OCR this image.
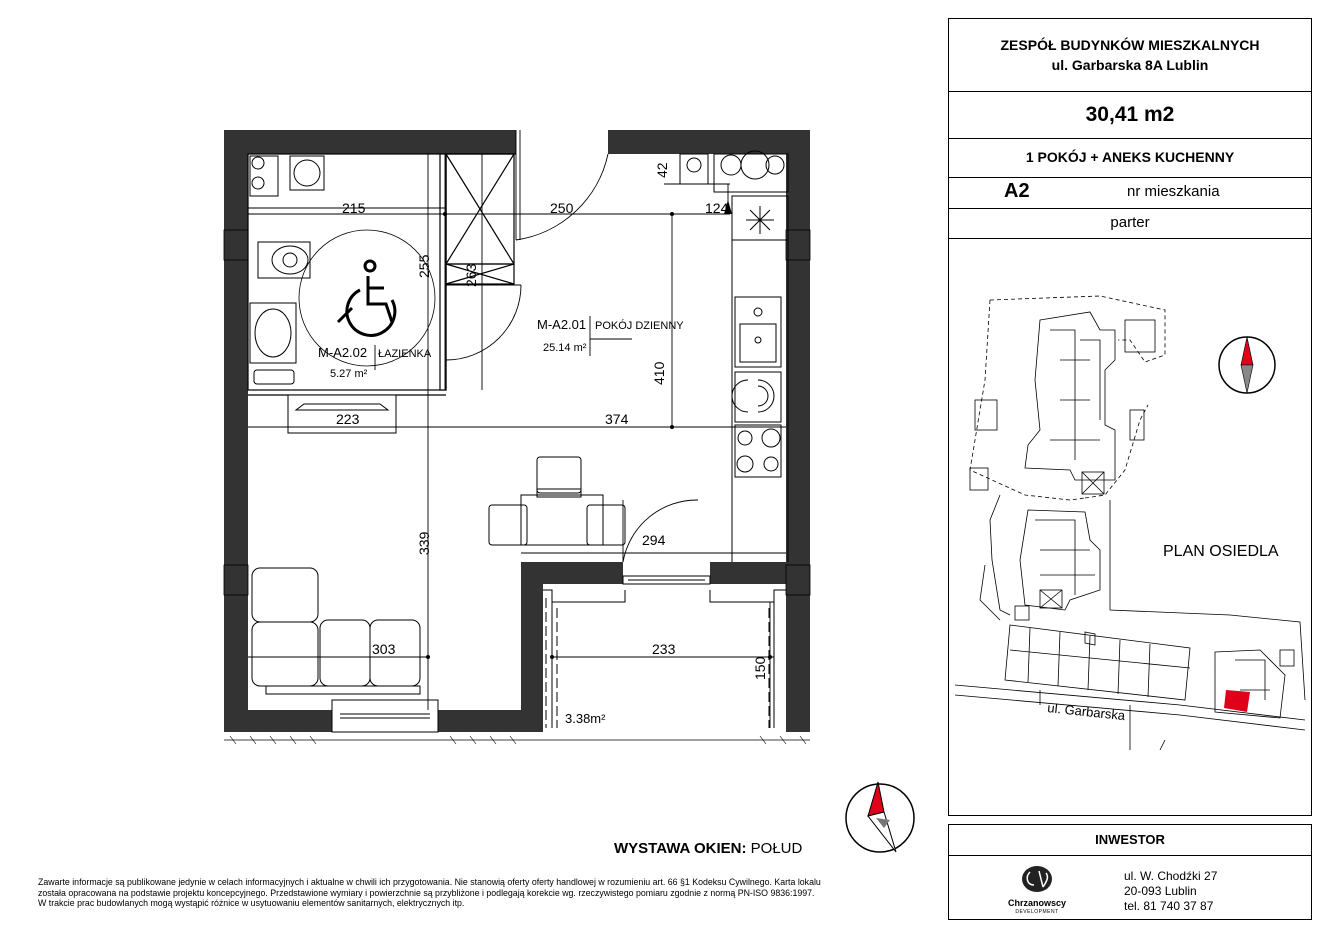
215	250	124
42
255 263
410
223	374
339	294
303	233
150
M-A2.01 POKÓJ DZIENNY
25.14 m²
M-A2.02 ŁAZIENKA
5.27 m²
3.38m²	ul. Garbarska
PLAN OSIEDLA
ZESPÓŁ BUDYNKÓW MIESZKALNYCH
ul. Garbarska 8A Lublin
30,41 m2
1 POKÓJ + ANEKS KUCHENNY
A2	nr mieszkania
parter
INWESTOR
Chrzanowscy
DEVELOPMENT
ul. W. Chodźki 27
20-093 Lublin
tel. 81 740 37 87
WYSTAWA OKIEN: POŁUD
Zawarte informacje są publikowane jedynie w celach informacyjnych i aktualne w chwili ich przygotowania. Nie stanowią oferty oferty handlowej w rozumieniu art. 66 §1 Kodeksu Cywilnego. Karta lokalu
została opracowana na podstawie projektu koncepcyjnego. Przedstawione wymiary i powierzchnie są przybliżone i podlegają korekcie wg. rzeczywistego pomiaru zgodnie z normą PN-ISO 9836:1997.
W trakcie prac budowlanych mogą wystąpić różnice w usytuowaniu elementów sanitarnych, elektrycznych itp.
